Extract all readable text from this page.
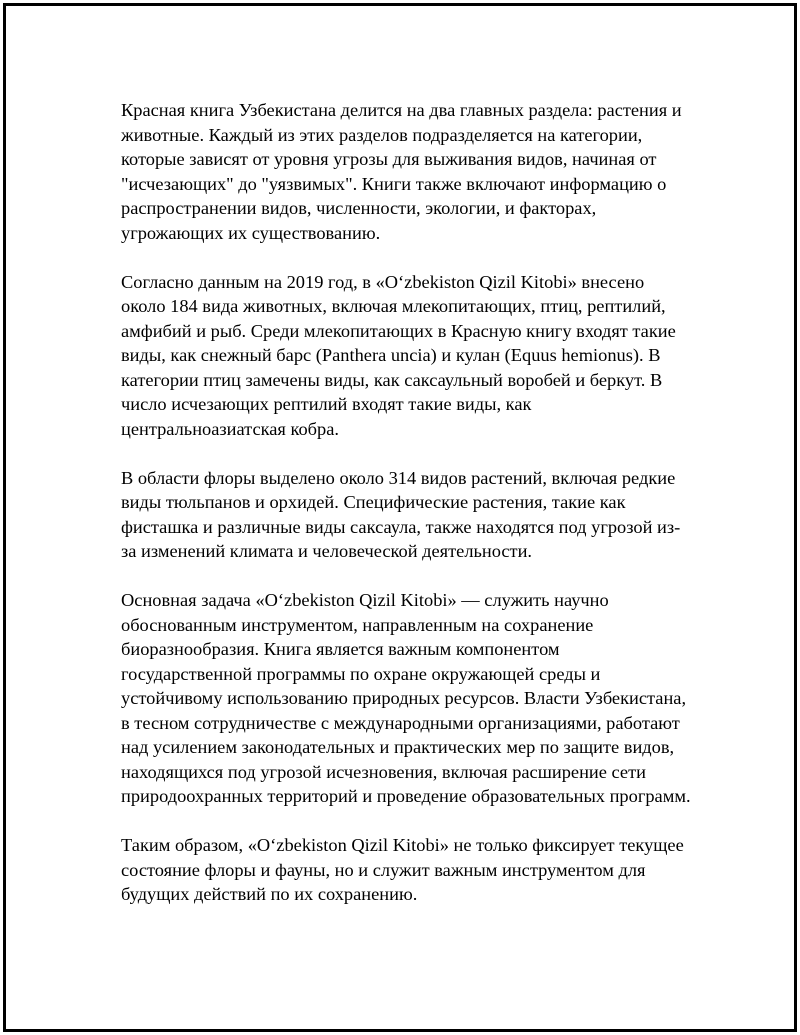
Красная книга Узбекистана делится на два главных раздела: растения и животные. Каждый из этих разделов подразделяется на категории, которые зависят от уровня угрозы для выживания видов, начиная от "исчезающих" до "уязвимых". Книги также включают информацию о распространении видов, численности, экологии, и факторах, угрожающих их существованию.

Согласно данным на 2019 год, в «Oʻzbekiston Qizil Kitobi» внесено около 184 вида животных, включая млекопитающих, птиц, рептилий, амфибий и рыб. Среди млекопитающих в Красную книгу входят такие виды, как снежный барс (Panthera uncia) и кулан (Equus hemionus). В категории птиц замечены виды, как саксаульный воробей и беркут. В число исчезающих рептилий входят такие виды, как центральноазиатская кобра.

В области флоры выделено около 314 видов растений, включая редкие виды тюльпанов и орхидей. Специфические растения, такие как фисташка и различные виды саксаула, также находятся под угрозой из-за изменений климата и человеческой деятельности.

Основная задача «Oʻzbekiston Qizil Kitobi» — служить научно обоснованным инструментом, направленным на сохранение биоразнообразия. Книга является важным компонентом государственной программы по охране окружающей среды и устойчивому использованию природных ресурсов. Власти Узбекистана, в тесном сотрудничестве с международными организациями, работают над усилением законодательных и практических мер по защите видов, находящихся под угрозой исчезновения, включая расширение сети природоохранных территорий и проведение образовательных программ.

Таким образом, «Oʻzbekiston Qizil Kitobi» не только фиксирует текущее состояние флоры и фауны, но и служит важным инструментом для будущих действий по их сохранению.
